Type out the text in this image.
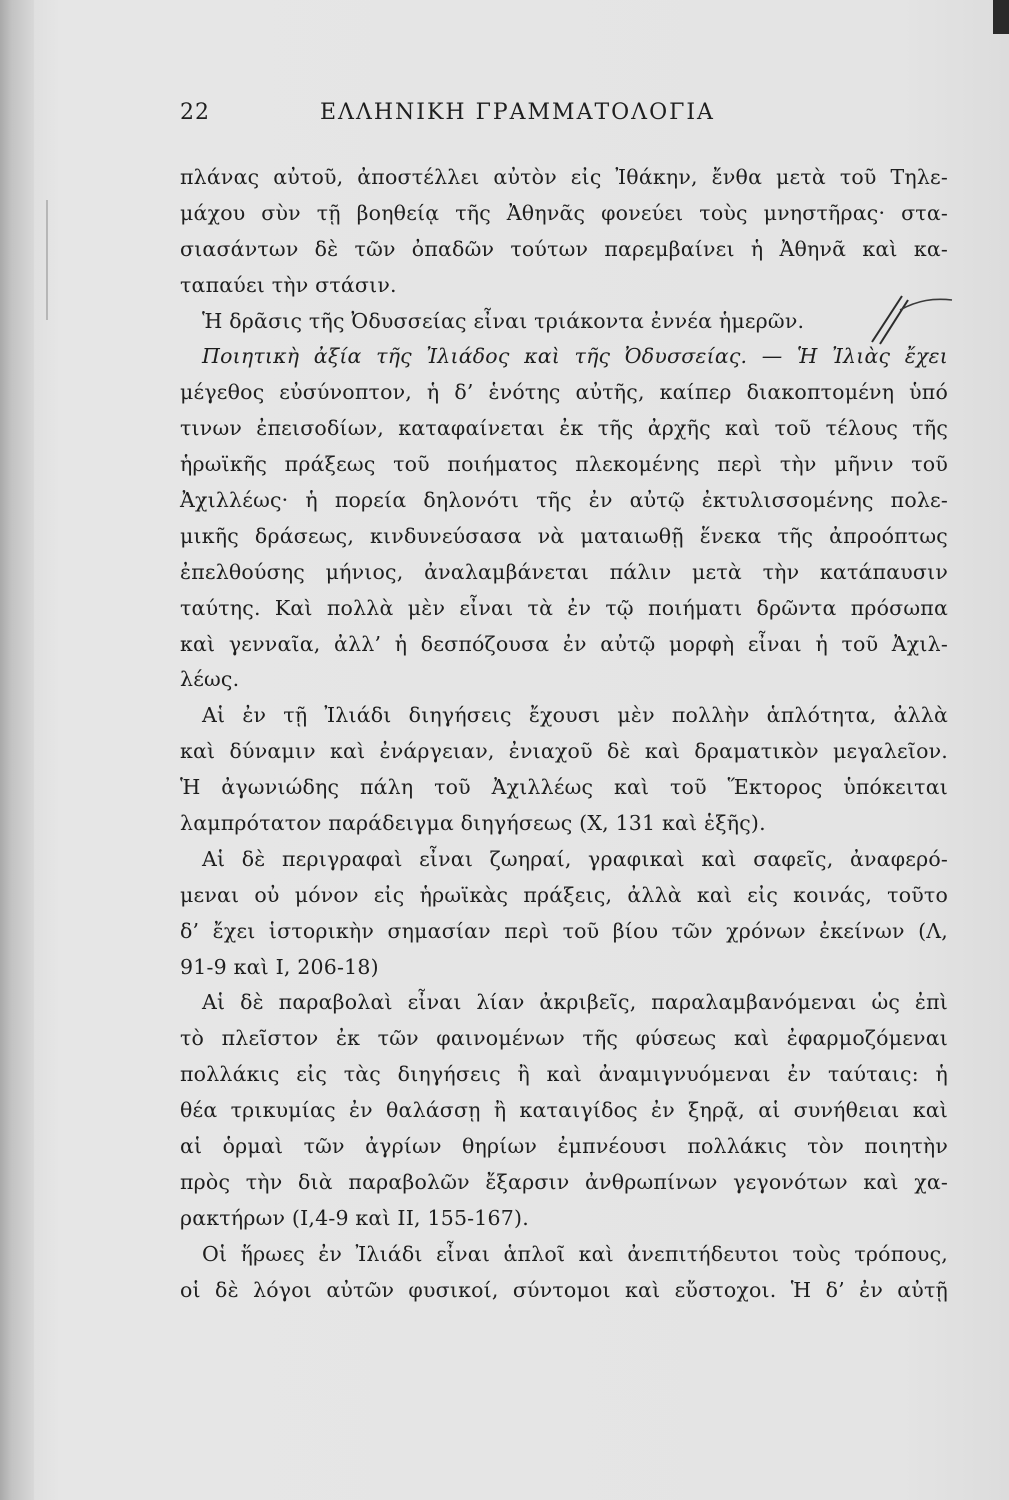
22	ΕΛΛΗΝΙΚΗ ΓΡΑΜΜΑΤΟΛΟΓΙΑ
πλάνας αὐτοῦ, ἀποστέλλει αὐτὸν εἰς Ἰθάκην, ἔνθα μετὰ τοῦ Τηλε-
μάχου σὺν τῇ βοηθείᾳ τῆς Ἀθηνᾶς φονεύει τοὺς μνηστῆρας· στα-
σιασάντων δὲ τῶν ὀπαδῶν τούτων παρεμβαίνει ἡ Ἀθηνᾶ καὶ κα-
ταπαύει τὴν στάσιν.
Ἡ δρᾶσις τῆς Ὀδυσσείας εἶναι τριάκοντα ἐννέα ἡμερῶν.
Ποιητικὴ ἀξία τῆς Ἰλιάδος καὶ τῆς Ὀδυσσείας. — Ἡ Ἰλιὰς ἔχει
μέγεθος εὐσύνοπτον, ἡ δ’ ἑνότης αὐτῆς, καίπερ διακοπτομένη ὑπό
τινων ἐπεισοδίων, καταφαίνεται ἐκ τῆς ἀρχῆς καὶ τοῦ τέλους τῆς
ἡρωϊκῆς πράξεως τοῦ ποιήματος πλεκομένης περὶ τὴν μῆνιν τοῦ
Ἀχιλλέως· ἡ πορεία δηλονότι τῆς ἐν αὐτῷ ἐκτυλισσομένης πολε-
μικῆς δράσεως, κινδυνεύσασα νὰ ματαιωθῇ ἕνεκα τῆς ἀπροόπτως
ἐπελθούσης μήνιος, ἀναλαμβάνεται πάλιν μετὰ τὴν κατάπαυσιν
ταύτης. Καὶ πολλὰ μὲν εἶναι τὰ ἐν τῷ ποιήματι δρῶντα πρόσωπα
καὶ γενναῖα, ἀλλ’ ἡ δεσπόζουσα ἐν αὐτῷ μορφὴ εἶναι ἡ τοῦ Ἀχιλ-
λέως.
Αἱ ἐν τῇ Ἰλιάδι διηγήσεις ἔχουσι μὲν πολλὴν ἁπλότητα, ἀλλὰ
καὶ δύναμιν καὶ ἐνάργειαν, ἐνιαχοῦ δὲ καὶ δραματικὸν μεγαλεῖον.
Ἡ ἀγωνιώδης πάλη τοῦ Ἀχιλλέως καὶ τοῦ Ἕκτορος ὑπόκειται
λαμπρότατον παράδειγμα διηγήσεως (Χ, 131 καὶ ἑξῆς).
Αἱ δὲ περιγραφαὶ εἶναι ζωηραί, γραφικαὶ καὶ σαφεῖς, ἀναφερό-
μεναι οὐ μόνον εἰς ἡρωϊκὰς πράξεις, ἀλλὰ καὶ εἰς κοινάς, τοῦτο
δ’ ἔχει ἱστορικὴν σημασίαν περὶ τοῦ βίου τῶν χρόνων ἐκείνων (Λ,
91-9 καὶ Ι, 206-18)
Αἱ δὲ παραβολαὶ εἶναι λίαν ἀκριβεῖς, παραλαμβανόμεναι ὡς ἐπὶ
τὸ πλεῖστον ἐκ τῶν φαινομένων τῆς φύσεως καὶ ἐφαρμοζόμεναι
πολλάκις εἰς τὰς διηγήσεις ἢ καὶ ἀναμιγνυόμεναι ἐν ταύταις: ἡ
θέα τρικυμίας ἐν θαλάσσῃ ἢ καταιγίδος ἐν ξηρᾷ, αἱ συνήθειαι καὶ
αἱ ὁρμαὶ τῶν ἀγρίων θηρίων ἐμπνέουσι πολλάκις τὸν ποιητὴν
πρὸς τὴν διὰ παραβολῶν ἔξαρσιν ἀνθρωπίνων γεγονότων καὶ χα-
ρακτήρων (Ι,4-9 καὶ ΙΙ, 155-167).
Οἱ ἥρωες ἐν Ἰλιάδι εἶναι ἁπλοῖ καὶ ἀνεπιτήδευτοι τοὺς τρόπους,
οἱ δὲ λόγοι αὐτῶν φυσικοί, σύντομοι καὶ εὔστοχοι. Ἡ δ’ ἐν αὐτῇ
